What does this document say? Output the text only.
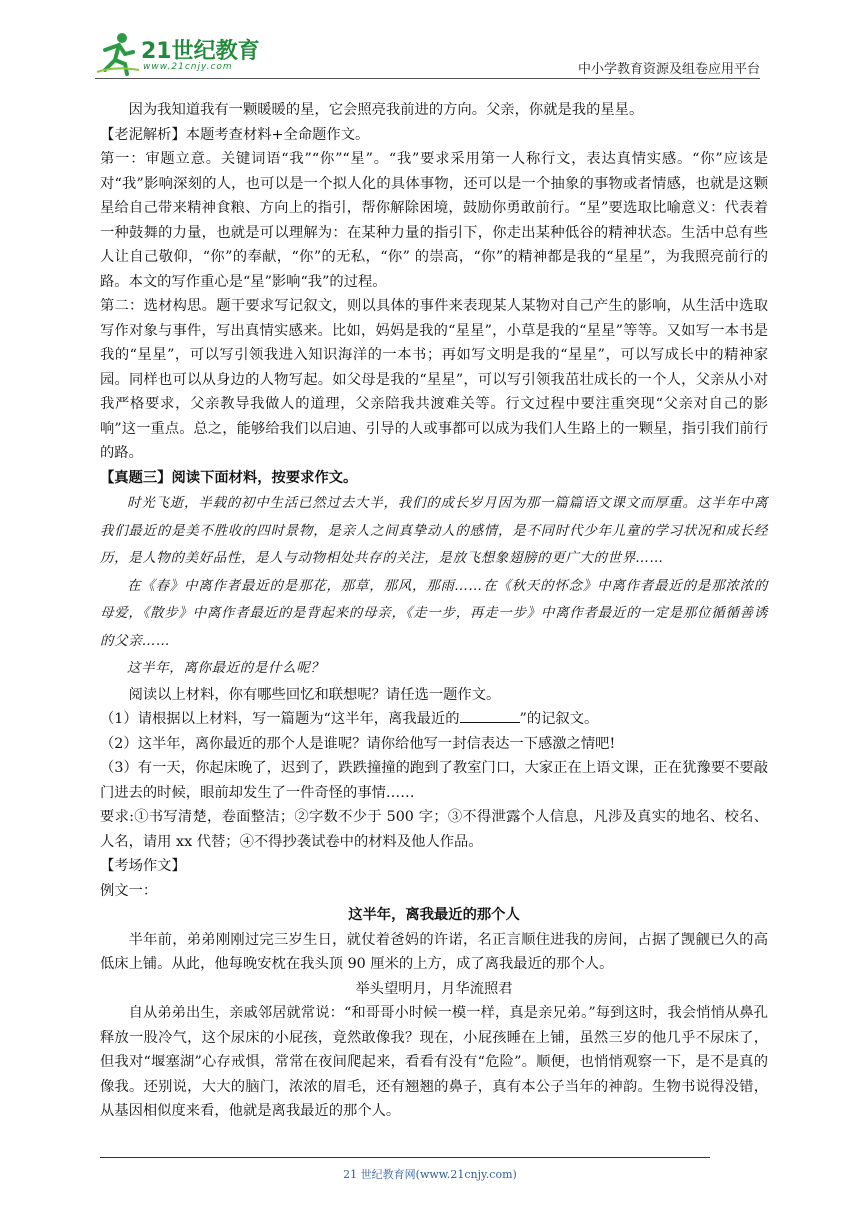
21世纪教育
www.21cnjy.com	中小学教育资源及组卷应用平台

因为我知道我有一颗暖暖的星，它会照亮我前进的方向。父亲，你就是我的星星。

【老泥解析】本题考查材料+全命题作文。

第一：审题立意。关键词语“我”“你”“星”。“我”要求采用第一人称行文，表达真情实感。“你”应该是对“我”影响深刻的人，也可以是一个拟人化的具体事物，还可以是一个抽象的事物或者情感，也就是这颗星给自己带来精神食粮、方向上的指引，帮你解除困境，鼓励你勇敢前行。“星”要选取比喻意义：代表着一种鼓舞的力量，也就是可以理解为：在某种力量的指引下，你走出某种低谷的精神状态。生活中总有些人让自己敬仰，“你”的奉献，“你”的无私，“你” 的崇高，“你”的精神都是我的“星星”，为我照亮前行的路。本文的写作重心是“星”影响“我”的过程。

第二：选材构思。题干要求写记叙文，则以具体的事件来表现某人某物对自己产生的影响，从生活中选取写作对象与事件，写出真情实感来。比如，妈妈是我的“星星”，小草是我的“星星”等等。又如写一本书是我的“星星”，可以写引领我进入知识海洋的一本书；再如写文明是我的“星星”，可以写成长中的精神家园。同样也可以从身边的人物写起。如父母是我的“星星”，可以写引领我茁壮成长的一个人，父亲从小对我严格要求，父亲教导我做人的道理，父亲陪我共渡难关等。行文过程中要注重突现“父亲对自己的影响”这一重点。总之，能够给我们以启迪、引导的人或事都可以成为我们人生路上的一颗星，指引我们前行的路。

【真题三】阅读下面材料，按要求作文。

时光飞逝，半载的初中生活已然过去大半，我们的成长岁月因为那一篇篇语文课文而厚重。这半年中离我们最近的是美不胜收的四时景物，是亲人之间真挚动人的感情，是不同时代少年儿童的学习状况和成长经历，是人物的美好品性，是人与动物相处共存的关注，是放飞想象翅膀的更广大的世界……

在《春》中离作者最近的是那花，那草，那风，那雨……在《秋天的怀念》中离作者最近的是那浓浓的母爱，《散步》中离作者最近的是背起来的母亲，《走一步，再走一步》中离作者最近的一定是那位循循善诱的父亲……

这半年，离你最近的是什么呢？

阅读以上材料，你有哪些回忆和联想呢？请任选一题作文。

（1）请根据以上材料，写一篇题为“这半年，离我最近的	”的记叙文。

（2）这半年，离你最近的那个人是谁呢？请你给他写一封信表达一下感激之情吧!

（3）有一天，你起床晚了，迟到了，跌跌撞撞的跑到了教室门口，大家正在上语文课，正在犹豫要不要敲门进去的时候，眼前却发生了一件奇怪的事情……

要求:①书写清楚，卷面整洁；②字数不少于 500 字；③不得泄露个人信息，凡涉及真实的地名、校名、人名，请用 xx 代替；④不得抄袭试卷中的材料及他人作品。

【考场作文】

例文一：

这半年，离我最近的那个人

半年前，弟弟刚刚过完三岁生日，就仗着爸妈的许诺，名正言顺住进我的房间，占据了觊觎已久的高低床上铺。从此，他每晚安枕在我头顶 90 厘米的上方，成了离我最近的那个人。

举头望明月，月华流照君

自从弟弟出生，亲戚邻居就常说：“和哥哥小时候一模一样，真是亲兄弟。”每到这时，我会悄悄从鼻孔释放一股冷气，这个尿床的小屁孩，竟然敢像我？现在，小屁孩睡在上铺，虽然三岁的他几乎不尿床了，但我对“堰塞湖”心存戒惧，常常在夜间爬起来，看看有没有“危险”。顺便，也悄悄观察一下，是不是真的像我。还别说，大大的脑门，浓浓的眉毛，还有翘翘的鼻子，真有本公子当年的神韵。生物书说得没错，从基因相似度来看，他就是离我最近的那个人。

21 世纪教育网(www.21cnjy.com)
